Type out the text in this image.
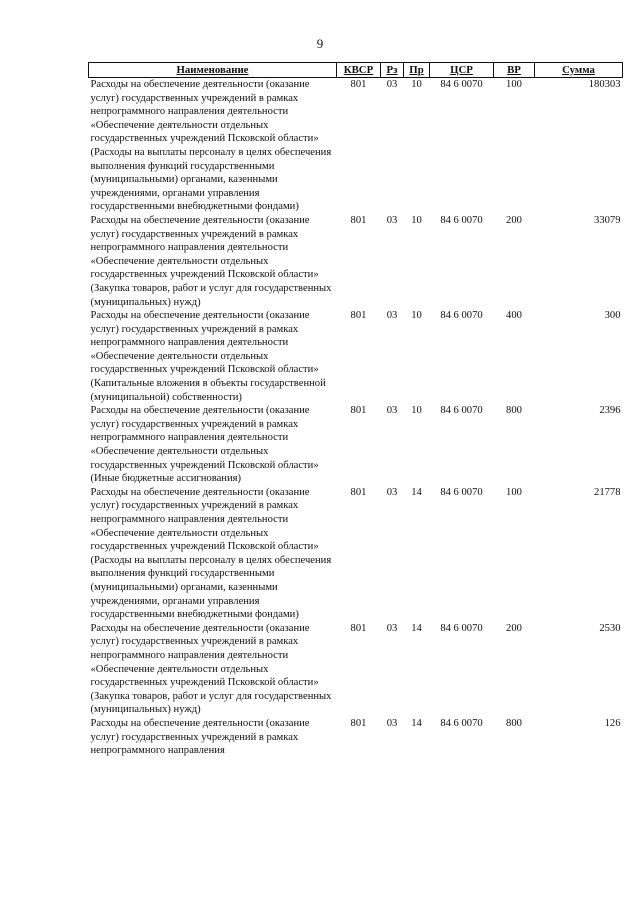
9
Наименование	КВСР	Рз	Пр	ЦСР	ВР	Сумма

Расходы на обеспечение деятельности (оказание услуг) государственных учреждений в рамках непрограммного направления деятельности «Обеспечение деятельности отдельных государственных учреждений Псковской области» (Расходы на выплаты персоналу в целях обеспечения выполнения функций государственными (муниципальными) органами, казенными учреждениями, органами управления государственными внебюджетными фондами)	801	03	10	84 6 0070	100	180303

Расходы на обеспечение деятельности (оказание услуг) государственных учреждений в рамках непрограммного направления деятельности «Обеспечение деятельности отдельных государственных учреждений Псковской области» (Закупка товаров, работ и услуг для государственных (муниципальных) нужд)	801	03	10	84 6 0070	200	33079

Расходы на обеспечение деятельности (оказание услуг) государственных учреждений в рамках непрограммного направления деятельности «Обеспечение деятельности отдельных государственных учреждений Псковской области» (Капитальные вложения в объекты государственной (муниципальной) собственности)	801	03	10	84 6 0070	400	300

Расходы на обеспечение деятельности (оказание услуг) государственных учреждений в рамках непрограммного направления деятельности «Обеспечение деятельности отдельных государственных учреждений Псковской области» (Иные бюджетные ассигнования)	801	03	10	84 6 0070	800	2396

Расходы на обеспечение деятельности (оказание услуг) государственных учреждений в рамках непрограммного направления деятельности «Обеспечение деятельности отдельных государственных учреждений Псковской области» (Расходы на выплаты персоналу в целях обеспечения выполнения функций государственными (муниципальными) органами, казенными учреждениями, органами управления государственными внебюджетными фондами)	801	03	14	84 6 0070	100	21778

Расходы на обеспечение деятельности (оказание услуг) государственных учреждений в рамках непрограммного направления деятельности «Обеспечение деятельности отдельных государственных учреждений Псковской области» (Закупка товаров, работ и услуг для государственных (муниципальных) нужд)	801	03	14	84 6 0070	200	2530

Расходы на обеспечение деятельности (оказание услуг) государственных учреждений в рамках непрограммного направления	801	03	14	84 6 0070	800	126
